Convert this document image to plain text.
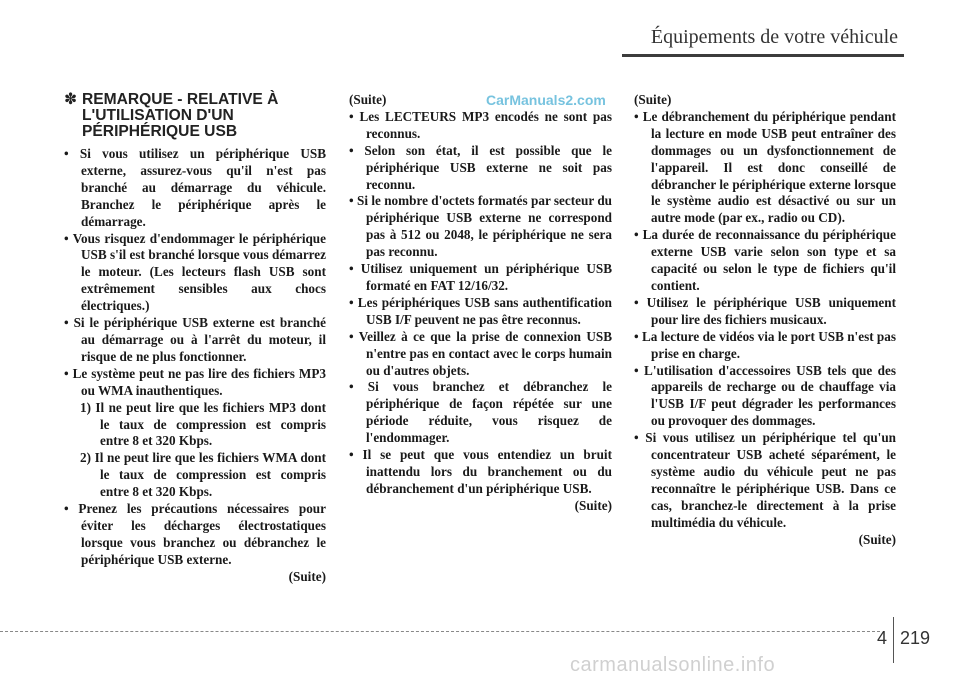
Équipements de votre véhicule
CarManuals2.com
✽ REMARQUE - RELATIVE À L'UTILISATION D'UN PÉRIPHÉRIQUE USB
• Si vous utilisez un périphérique USB externe, assurez-vous qu'il n'est pas branché au démarrage du véhicule. Branchez le périphérique après le démarrage.
• Vous risquez d'endommager le périphérique USB s'il est branché lorsque vous démarrez le moteur. (Les lecteurs flash USB sont extrêmement sensibles aux chocs électriques.)
• Si le périphérique USB externe est branché au démarrage ou à l'arrêt du moteur, il risque de ne plus fonctionner.
• Le système peut ne pas lire des fichiers MP3 ou WMA inauthentiques.
1) Il ne peut lire que les fichiers MP3 dont le taux de compression est compris entre 8 et 320 Kbps.
2) Il ne peut lire que les fichiers WMA dont le taux de compression est compris entre 8 et 320 Kbps.
• Prenez les précautions nécessaires pour éviter les décharges électrostatiques lorsque vous branchez ou débranchez le périphérique USB externe.
(Suite)
(Suite)
• Les LECTEURS MP3 encodés ne sont pas reconnus.
• Selon son état, il est possible que le périphérique USB externe ne soit pas reconnu.
• Si le nombre d'octets formatés par secteur du périphérique USB externe ne correspond pas à 512 ou 2048, le périphérique ne sera pas reconnu.
• Utilisez uniquement un périphérique USB formaté en FAT 12/16/32.
• Les périphériques USB sans authentification USB I/F peuvent ne pas être reconnus.
• Veillez à ce que la prise de connexion USB n'entre pas en contact avec le corps humain ou d'autres objets.
• Si vous branchez et débranchez le périphérique de façon répétée sur une période réduite, vous risquez de l'endommager.
• Il se peut que vous entendiez un bruit inattendu lors du branchement ou du débranchement d'un périphérique USB.
(Suite)
(Suite)
• Le débranchement du périphérique pendant la lecture en mode USB peut entraîner des dommages ou un dysfonctionnement de l'appareil. Il est donc conseillé de débrancher le périphérique externe lorsque le système audio est désactivé ou sur un autre mode (par ex., radio ou CD).
• La durée de reconnaissance du périphérique externe USB varie selon son type et sa capacité ou selon le type de fichiers qu'il contient.
• Utilisez le périphérique USB uniquement pour lire des fichiers musicaux.
• La lecture de vidéos via le port USB n'est pas prise en charge.
• L'utilisation d'accessoires USB tels que des appareils de recharge ou de chauffage via l'USB I/F peut dégrader les performances ou provoquer des dommages.
• Si vous utilisez un périphérique tel qu'un concentrateur USB acheté séparément, le système audio du véhicule peut ne pas reconnaître le périphérique USB. Dans ce cas, branchez-le directement à la prise multimédia du véhicule.
(Suite)
4 219
carmanualsonline.info
